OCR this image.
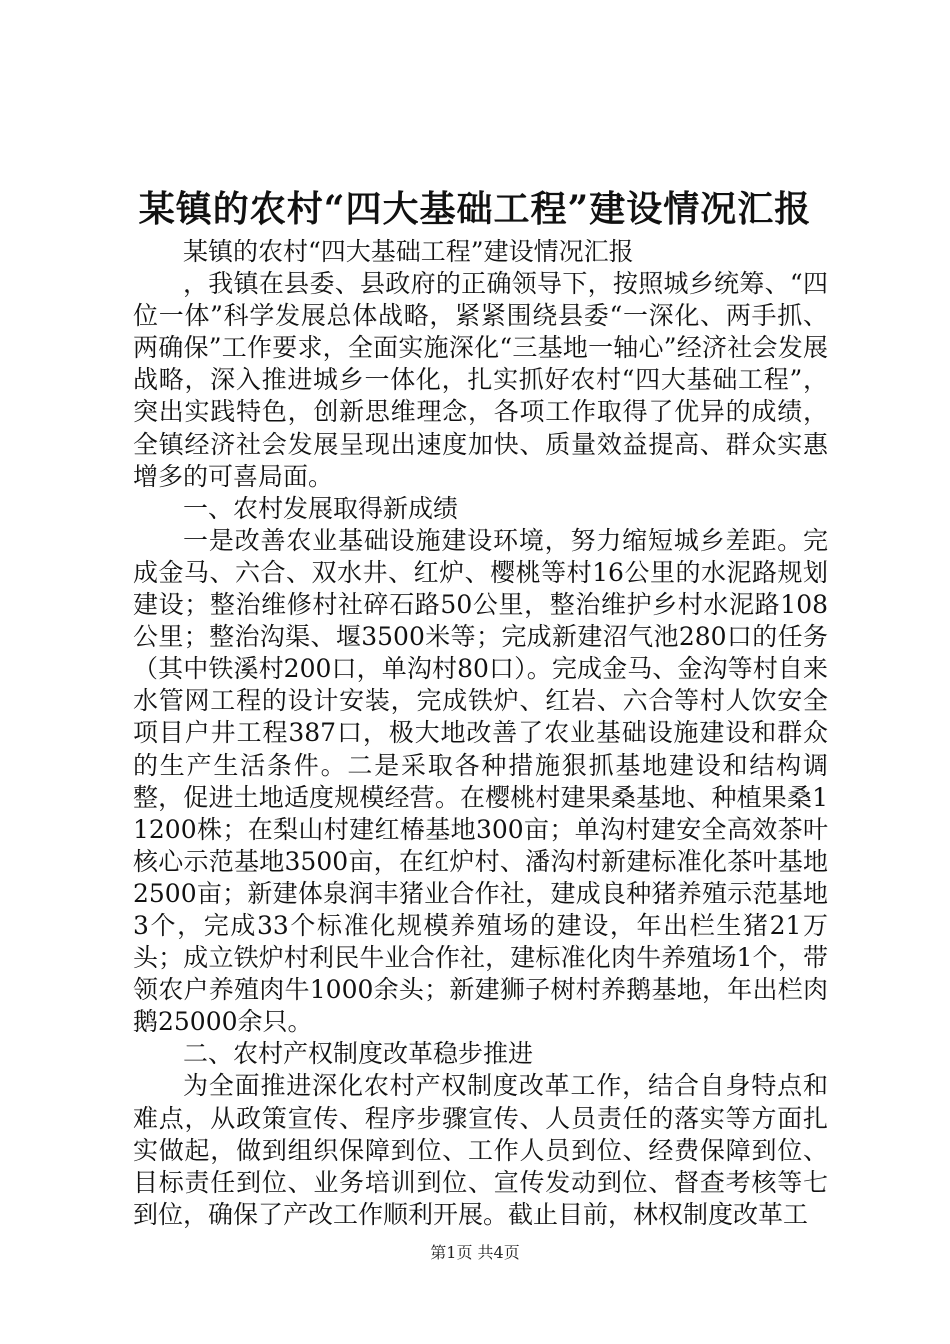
某镇的农村“四大基础工程”建设情况汇报

某镇的农村“四大基础工程”建设情况汇报

，我镇在县委、县政府的正确领导下，按照城乡统筹、“四位一体”科学发展总体战略，紧紧围绕县委“一深化、两手抓、两确保”工作要求，全面实施深化“三基地一轴心”经济社会发展战略，深入推进城乡一体化，扎实抓好农村“四大基础工程”，突出实践特色，创新思维理念，各项工作取得了优异的成绩，全镇经济社会发展呈现出速度加快、质量效益提高、群众实惠增多的可喜局面。

一、农村发展取得新成绩

一是改善农业基础设施建设环境，努力缩短城乡差距。完成金马、六合、双水井、红炉、樱桃等村16公里的水泥路规划建设；整治维修村社碎石路50公里，整治维护乡村水泥路108公里；整治沟渠、堰3500米等；完成新建沼气池280口的任务（其中铁溪村200口，单沟村80口）。完成金马、金沟等村自来水管网工程的设计安装，完成铁炉、红岩、六合等村人饮安全项目户井工程387口，极大地改善了农业基础设施建设和群众的生产生活条件。二是采取各种措施狠抓基地建设和结构调整，促进土地适度规模经营。在樱桃村建果桑基地、种植果桑11200株；在梨山村建红椿基地300亩；单沟村建安全高效茶叶核心示范基地3500亩，在红炉村、潘沟村新建标准化茶叶基地2500亩；新建体泉润丰猪业合作社，建成良种猪养殖示范基地3个，完成33个标准化规模养殖场的建设，年出栏生猪21万头；成立铁炉村利民牛业合作社，建标准化肉牛养殖场1个，带领农户养殖肉牛1000余头；新建狮子树村养鹅基地，年出栏肉鹅25000余只。

二、农村产权制度改革稳步推进

为全面推进深化农村产权制度改革工作，结合自身特点和难点，从政策宣传、程序步骤宣传、人员责任的落实等方面扎实做起，做到组织保障到位、工作人员到位、经费保障到位、目标责任到位、业务培训到位、宣传发动到位、督查考核等七到位，确保了产改工作顺利开展。截止目前，林权制度改革工

第1页 共4页
